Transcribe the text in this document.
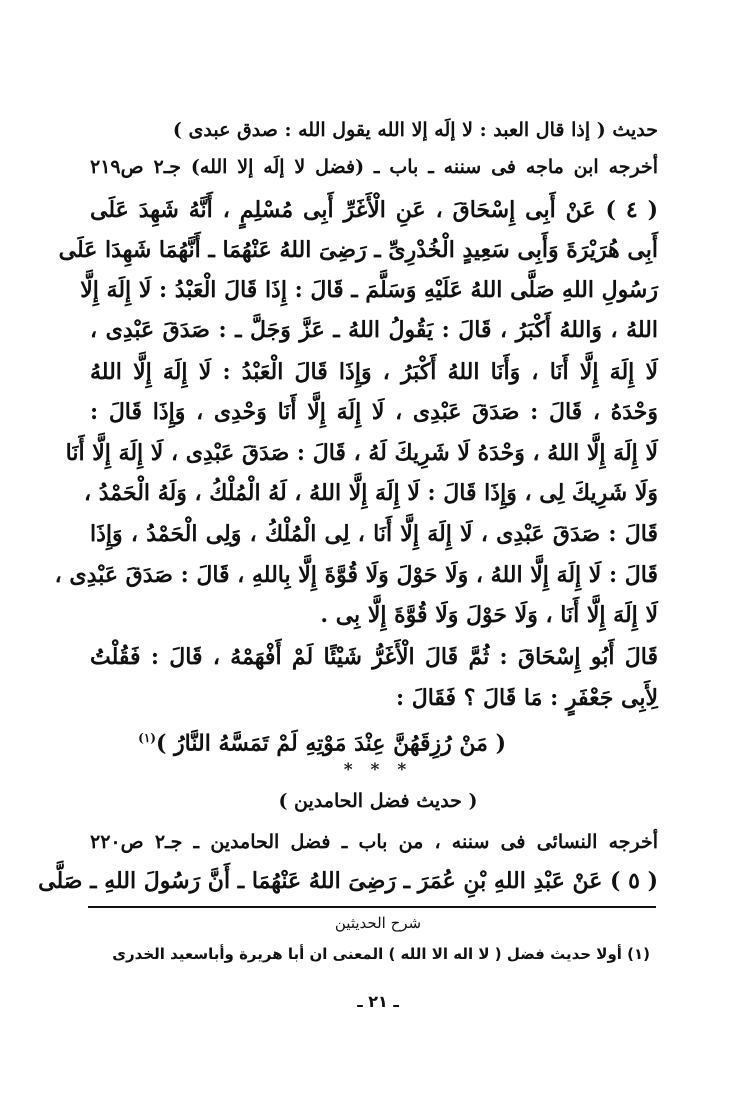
حديث ( إذا قال العبد : لا إلَه إلا الله يقول الله : صدق عبدى )
أخرجه ابن ماجه فى سننه ـ باب ـ (فضل لا إلَه إلا الله) جـ٢ ص٢١٩
( ٤ ) عَنْ أَبِى إِسْحَاقَ ، عَنِ الْأَغَرِّ أَبِى مُسْلِمٍ ، أَنَّهُ شَهِدَ عَلَى
أَبِى هُرَيْرَةَ وَأَبِى سَعِيدٍ الْخُدْرِىِّ ـ رَضِىَ اللهُ عَنْهُمَا ـ أَنَّهُمَا شَهِدَا عَلَى
رَسُولِ اللهِ صَلَّى اللهُ عَلَيْهِ وَسَلَّمَ ـ قَالَ : إِذَا قَالَ الْعَبْدُ : لَا إِلَهَ إِلَّا
اللهُ ، وَاللهُ أَكْبَرُ ، قَالَ : يَقُولُ اللهُ ـ عَزَّ وَجَلَّ ـ : صَدَقَ عَبْدِى ،
لَا إِلَهَ إِلَّا أَنَا ، وَأَنَا اللهُ أَكْبَرُ ، وَإِذَا قَالَ الْعَبْدُ : لَا إِلَهَ إِلَّا اللهُ
وَحْدَهُ ، قَالَ : صَدَقَ عَبْدِى ، لَا إِلَهَ إِلَّا أَنَا وَحْدِى ، وَإِذَا قَالَ :
لَا إِلَهَ إِلَّا اللهُ ، وَحْدَهُ لَا شَرِيكَ لَهُ ، قَالَ : صَدَقَ عَبْدِى ، لَا إِلَهَ إِلَّا أَنَا
وَلَا شَرِيكَ لِى ، وَإِذَا قَالَ : لَا إِلَهَ إِلَّا اللهُ ، لَهُ الْمُلْكُ ، وَلَهُ الْحَمْدُ ،
قَالَ : صَدَقَ عَبْدِى ، لَا إِلَهَ إِلَّا أَنَا ، لِى الْمُلْكُ ، وَلِى الْحَمْدُ ، وَإِذَا
قَالَ : لَا إِلَهَ إِلَّا اللهُ ، وَلَا حَوْلَ وَلَا قُوَّةَ إِلَّا بِاللهِ ، قَالَ : صَدَقَ عَبْدِى ،
لَا إِلَهَ إِلَّا أَنَا ، وَلَا حَوْلَ وَلَا قُوَّةَ إِلَّا بِى .
قَالَ أَبُو إِسْحَاقَ : ثُمَّ قَالَ الْأَغَرُّ شَيْئًا لَمْ أَفْهَمْهُ ، قَالَ : فَقُلْتُ
لِأَبِى جَعْفَرٍ : مَا قَالَ ؟ فَقَالَ :
( مَنْ رُزِقَهُنَّ عِنْدَ مَوْتِهِ لَمْ تَمَسَّهُ النَّارُ )$^{(١)}$
* * *
( حديث فضل الحامدين )
أخرجه النسائى فى سننه ، من باب ـ فضل الحامدين ـ جـ٢ ص٢٢٠
( ٥ ) عَنْ عَبْدِ اللهِ بْنِ عُمَرَ ـ رَضِىَ اللهُ عَنْهُمَا ـ أَنَّ رَسُولَ اللهِ ـ صَلَّى
شرح الحديثين
(١) أولا حديث فضل ( لا اله الا الله ) المعنى ان أبا هريرة وأباسعيد الخدرى
ـ ٢١ ـ
